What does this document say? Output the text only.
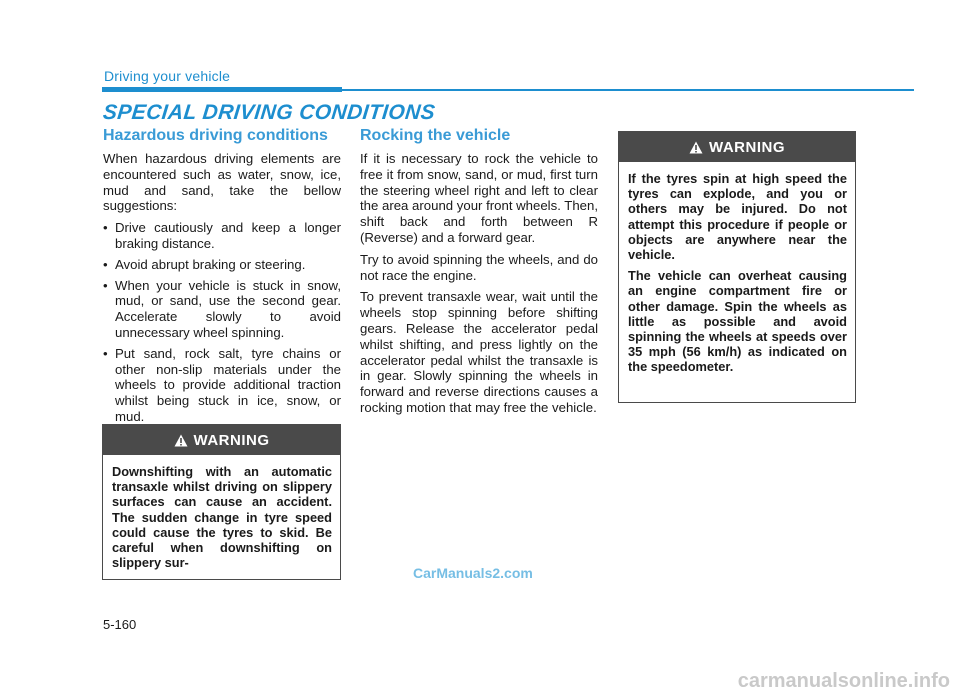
Driving your vehicle
SPECIAL DRIVING CONDITIONS
Hazardous driving conditions

When hazardous driving elements are encountered such as water, snow, ice, mud and sand, take the bellow suggestions:

• Drive cautiously and keep a longer braking distance.
• Avoid abrupt braking or steering.
• When your vehicle is stuck in snow, mud, or sand, use the second gear. Accelerate slowly to avoid unnecessary wheel spinning.
• Put sand, rock salt, tyre chains or other non-slip materials under the wheels to provide additional traction whilst being stuck in ice, snow, or mud.
WARNING

Downshifting with an automatic transaxle whilst driving on slippery surfaces can cause an accident. The sudden change in tyre speed could cause the tyres to skid. Be careful when downshifting on slippery sur-

Rocking the vehicle

If it is necessary to rock the vehicle to free it from snow, sand, or mud, first turn the steering wheel right and left to clear the area around your front wheels. Then, shift back and forth between R (Reverse) and a forward gear.

Try to avoid spinning the wheels, and do not race the engine.

To prevent transaxle wear, wait until the wheels stop spinning before shifting gears. Release the accelerator pedal whilst shifting, and press lightly on the accelerator pedal whilst the transaxle is in gear. Slowly spinning the wheels in forward and reverse directions causes a rocking motion that may free the vehicle.

WARNING

If the tyres spin at high speed the tyres can explode, and you or others may be injured. Do not attempt this procedure if people or objects are anywhere near the vehicle.

The vehicle can overheat causing an engine compartment fire or other damage. Spin the wheels as little as possible and avoid spinning the wheels at speeds over 35 mph (56 km/h) as indicated on the speedometer.

5-160
CarManuals2.com
carmanualsonline.info
